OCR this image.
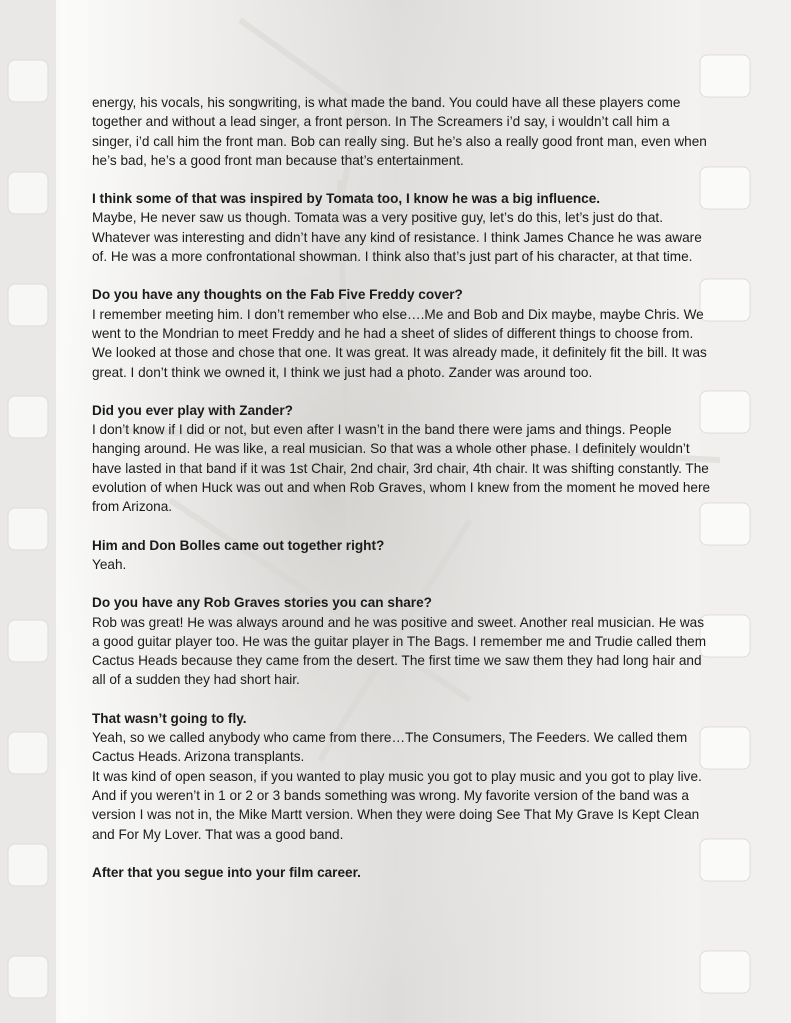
energy, his vocals, his songwriting, is what made the band. You could have all these players come together and without a lead singer, a front person. In The Screamers i’d say, i wouldn’t call him a singer, i’d call him the front man. Bob can really sing. But he’s also a really good front man, even when he’s bad, he’s a good front man because that’s entertainment.

I think some of that was inspired by Tomata too, I know he was a big influence.

Maybe, He never saw us though. Tomata was a very positive guy, let’s do this, let’s just do that. Whatever was interesting and didn’t have any kind of resistance. I think James Chance he was aware of. He was a more confrontational showman. I think also that’s just part of his character, at that time.

Do you have any thoughts on the Fab Five Freddy cover?

I remember meeting him. I don’t remember who else….Me and Bob and Dix maybe, maybe Chris. We went to the Mondrian to meet Freddy and he had a sheet of slides of different things to choose from. We looked at those and chose that one. It was great. It was already made, it definitely fit the bill. It was great. I don’t think we owned it, I think we just had a photo. Zander was around too.

Did you ever play with Zander?

I don’t know if I did or not, but even after I wasn’t in the band there were jams and things. People hanging around. He was like, a real musician. So that was a whole other phase. I definitely wouldn’t have lasted in that band if it was 1st Chair, 2nd chair, 3rd chair, 4th chair. It was shifting constantly. The evolution of when Huck was out and when Rob Graves, whom I knew from the moment he moved here from Arizona.

Him and Don Bolles came out together right?

Yeah.

Do you have any Rob Graves stories you can share?

Rob was great! He was always around and he was positive and sweet. Another real musician. He was a good guitar player too. He was the guitar player in The Bags. I remember me and Trudie called them Cactus Heads because they came from the desert. The first time we saw them they had long hair and all of a sudden they had short hair.

That wasn’t going to fly.

Yeah, so we called anybody who came from there…The Consumers, The Feeders. We called them Cactus Heads. Arizona transplants.

It was kind of open season, if you wanted to play music you got to play music and you got to play live. And if you weren’t in 1 or 2 or 3 bands something was wrong. My favorite version of the band was a version I was not in, the Mike Martt version. When they were doing See That My Grave Is Kept Clean and For My Lover. That was a good band.

After that you segue into your film career.
